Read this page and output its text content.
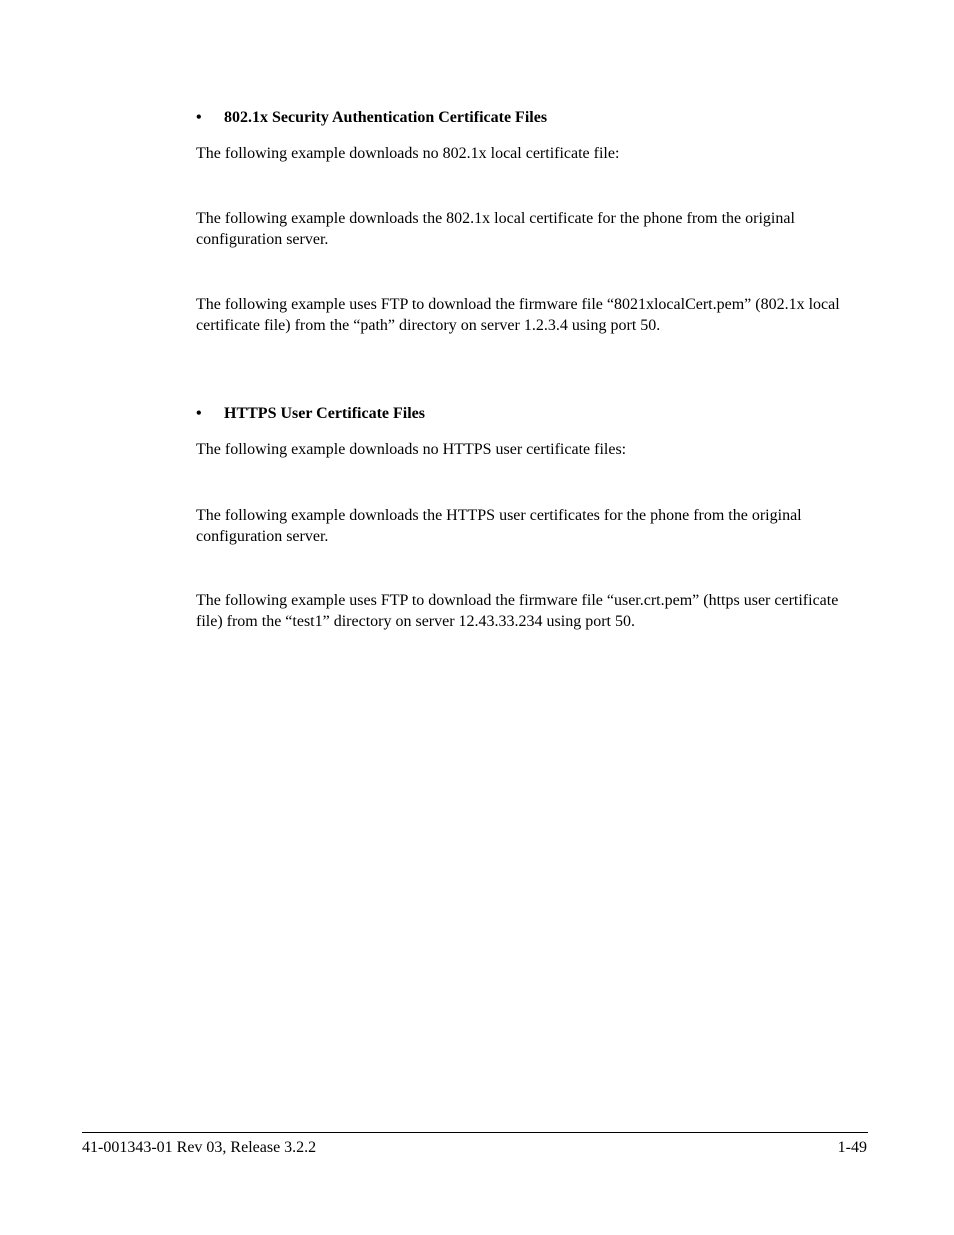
• 802.1x Security Authentication Certificate Files

The following example downloads no 802.1x local certificate file:

The following example downloads the 802.1x local certificate for the phone from the original configuration server.

The following example uses FTP to download the firmware file “8021xlocalCert.pem” (802.1x local certificate file) from the “path” directory on server 1.2.3.4 using port 50.

• HTTPS User Certificate Files

The following example downloads no HTTPS user certificate files:

The following example downloads the HTTPS user certificates for the phone from the original configuration server.

The following example uses FTP to download the firmware file “user.crt.pem” (https user certificate file) from the “test1” directory on server 12.43.33.234 using port 50.

41-001343-01 Rev 03, Release 3.2.2	1-49
